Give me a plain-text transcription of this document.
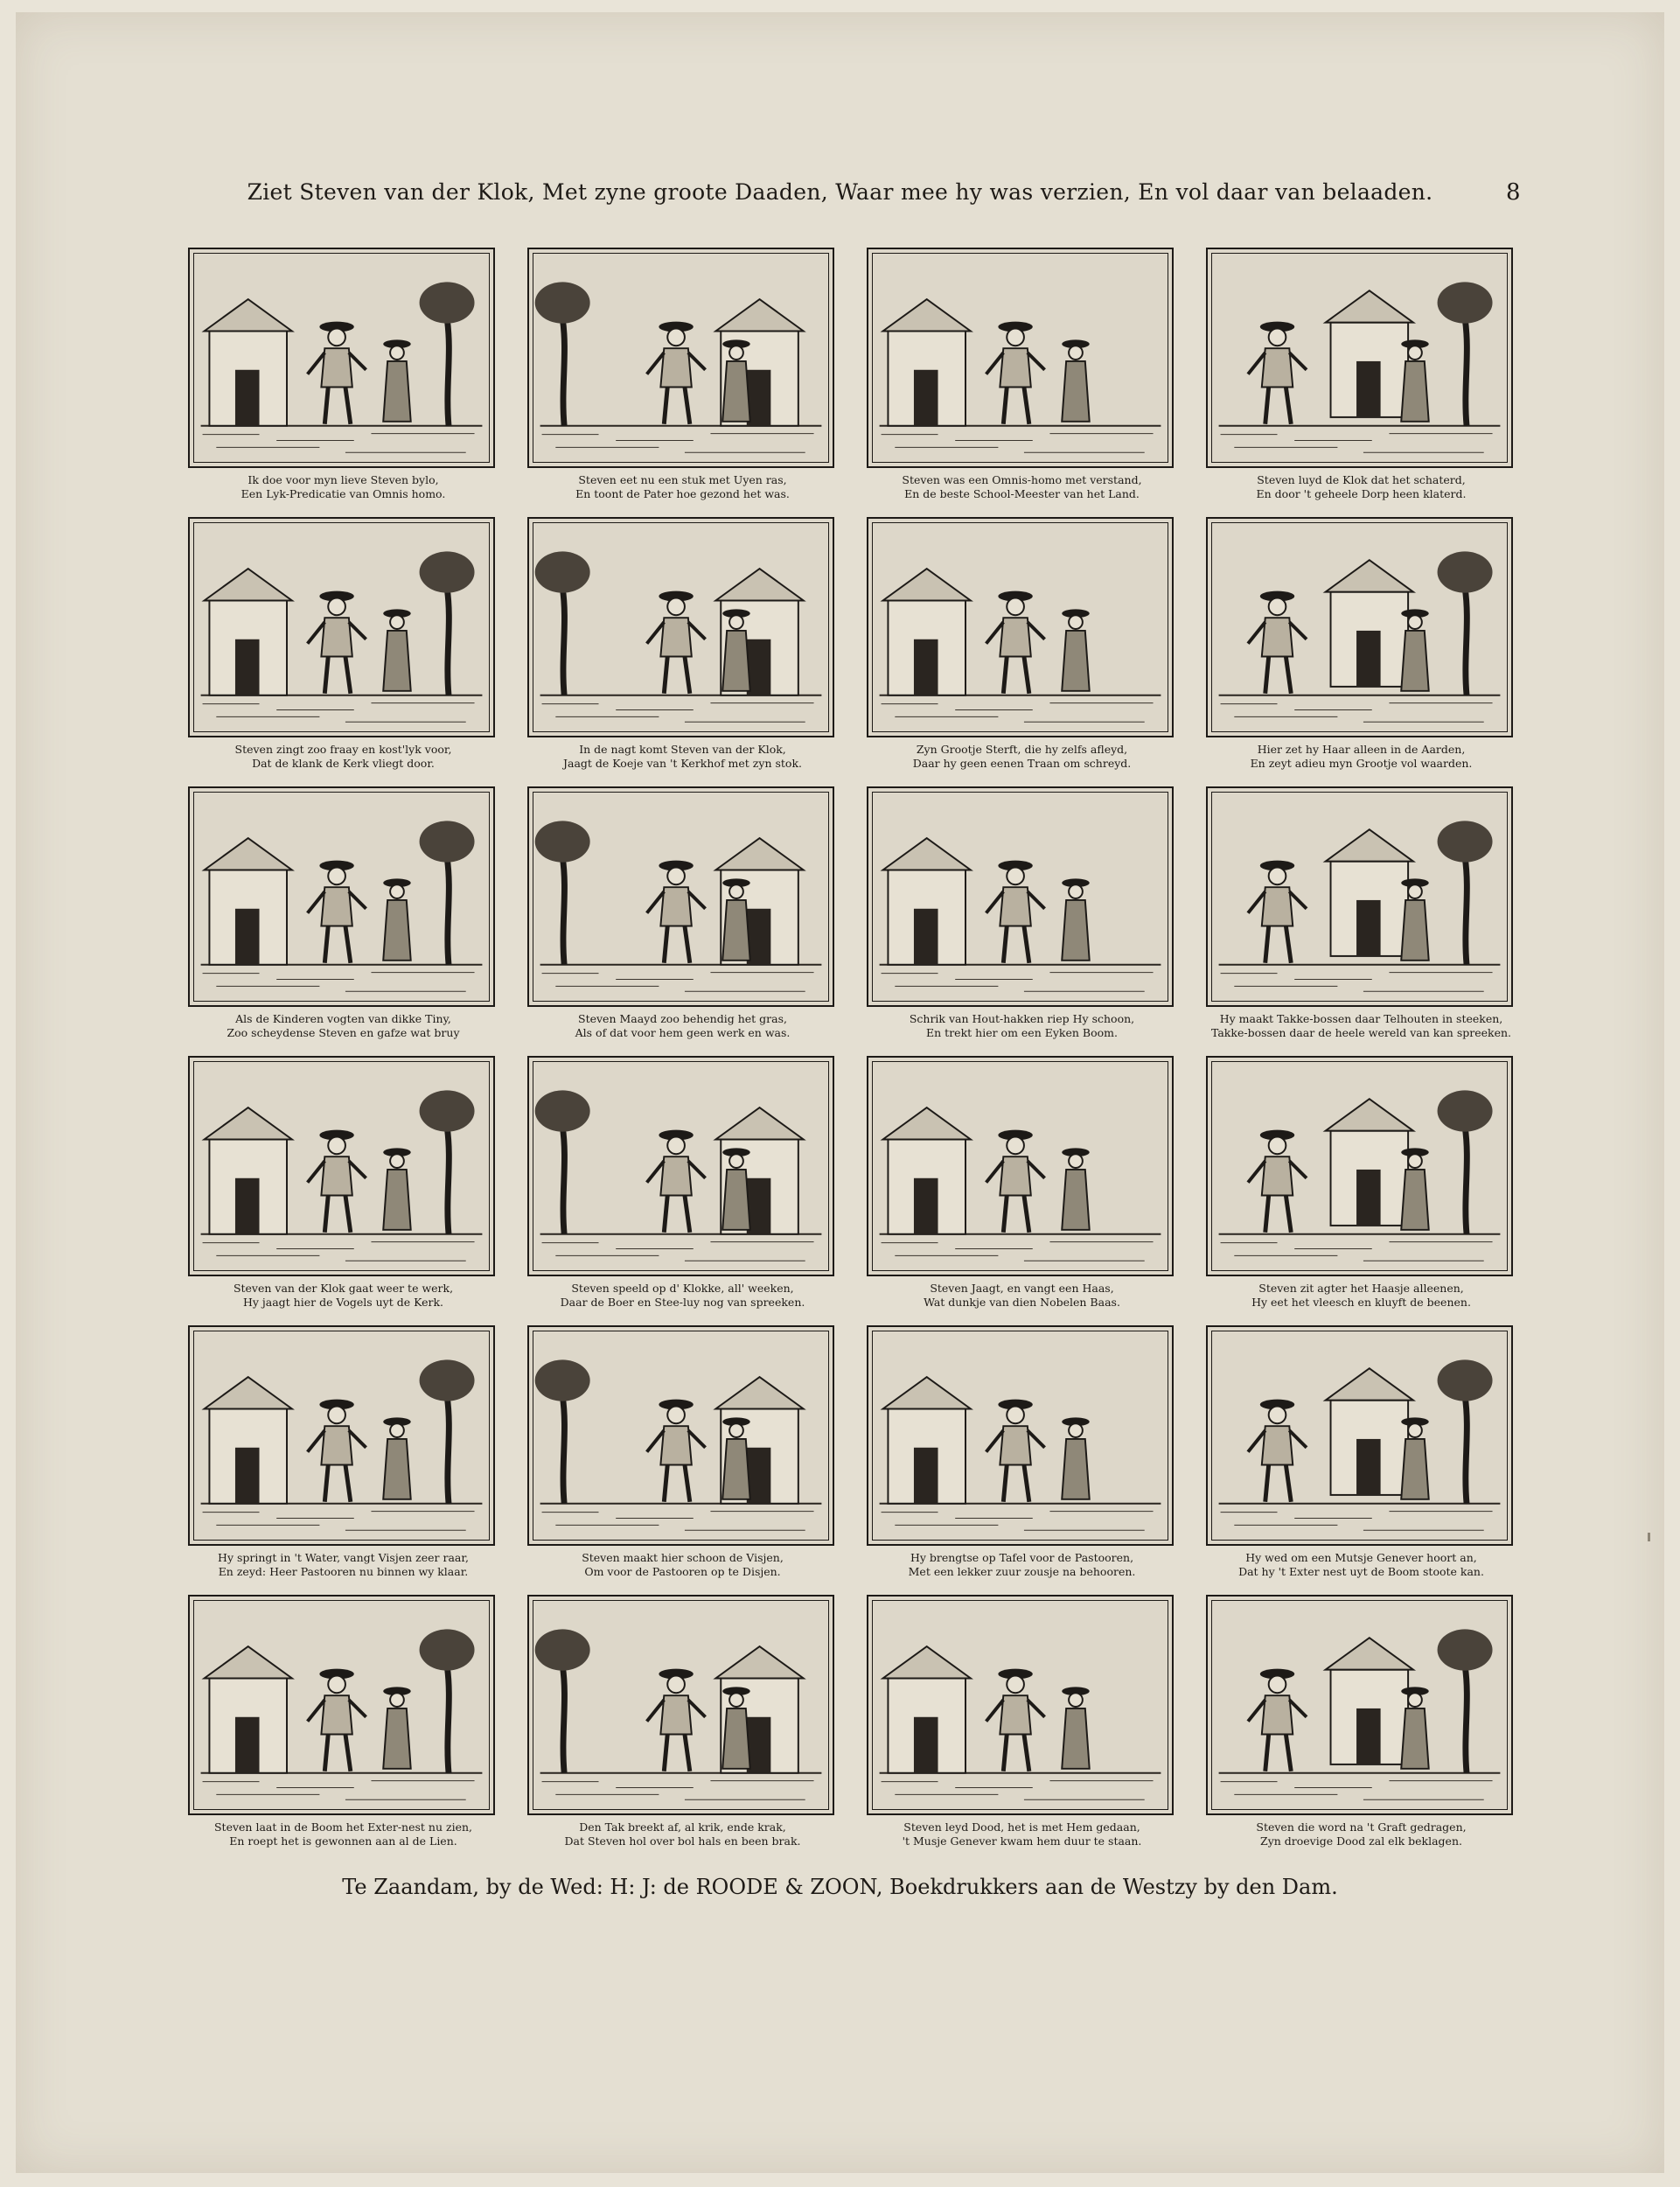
Ziet Steven van der Klok, Met zyne groote Daaden, Waar mee hy was verzien, En vol daar van belaaden.	8
Ik doe voor myn lieve Steven bylo,
Een Lyk-Predicatie van Omnis homo.
Steven eet nu een stuk met Uyen ras,
En toont de Pater hoe gezond het was.
Steven was een Omnis-homo met verstand,
En de beste School-Meester van het Land.
Steven luyd de Klok dat het schaterd,
En door 't geheele Dorp heen klaterd.
Steven zingt zoo fraay en kost'lyk voor,
Dat de klank de Kerk vliegt door.
In de nagt komt Steven van der Klok,
Jaagt de Koeje van 't Kerkhof met zyn stok.
Zyn Grootje Sterft, die hy zelfs afleyd,
Daar hy geen eenen Traan om schreyd.
Hier zet hy Haar alleen in de Aarden,
En zeyt adieu myn Grootje vol waarden.
Als de Kinderen vogten van dikke Tiny,
Zoo scheydense Steven en gafze wat bruy
Steven Maayd zoo behendig het gras,
Als of dat voor hem geen werk en was.
Schrik van Hout-hakken riep Hy schoon,
En trekt hier om een Eyken Boom.
Hy maakt Takke-bossen daar Telhouten in steeken,
Takke-bossen daar de heele wereld van kan spreeken.
Steven van der Klok gaat weer te werk,
Hy jaagt hier de Vogels uyt de Kerk.
Steven speeld op d' Klokke, all' weeken,
Daar de Boer en Stee-luy nog van spreeken.
Steven Jaagt, en vangt een Haas,
Wat dunkje van dien Nobelen Baas.
Steven zit agter het Haasje alleenen,
Hy eet het vleesch en kluyft de beenen.
Hy springt in 't Water, vangt Visjen zeer raar,
En zeyd: Heer Pastooren nu binnen wy klaar.
Steven maakt hier schoon de Visjen,
Om voor de Pastooren op te Disjen.
Hy brengtse op Tafel voor de Pastooren,
Met een lekker zuur zousje na behooren.
Hy wed om een Mutsje Genever hoort an,
Dat hy 't Exter nest uyt de Boom stoote kan.
Steven laat in de Boom het Exter-nest nu zien,
En roept het is gewonnen aan al de Lien.
Den Tak breekt af, al krik, ende krak,
Dat Steven hol over bol hals en been brak.
Steven leyd Dood, het is met Hem gedaan,
't Musje Genever kwam hem duur te staan.
Steven die word na 't Graft gedragen,
Zyn droevige Dood zal elk beklagen.
Te Zaandam, by de Wed: H: J: de ROODE & ZOON, Boekdrukkers aan de Westzy by den Dam.
